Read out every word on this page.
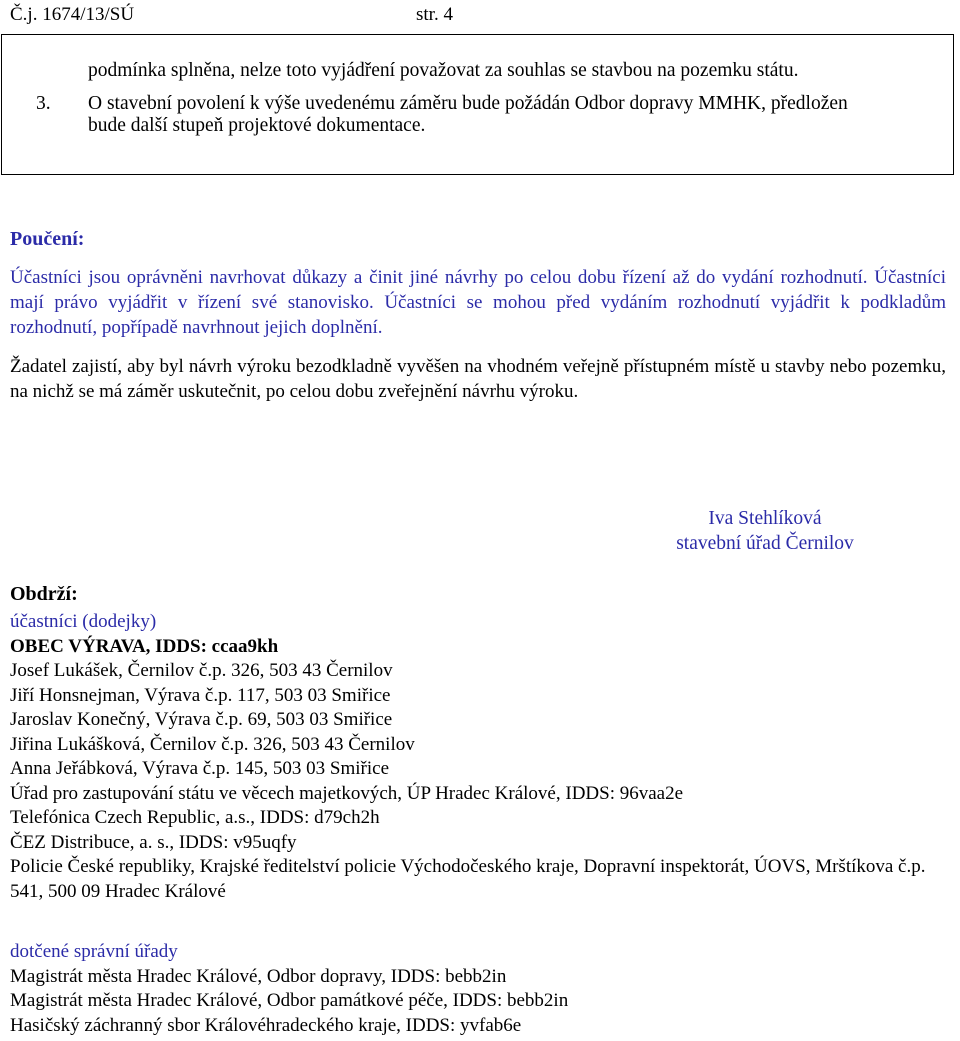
Č.j. 1674/13/SÚ	str. 4
podmínka splněna, nelze toto vyjádření považovat za souhlas se stavbou na pozemku státu.
3. O stavební povolení k výše uvedenému záměru bude požádán Odbor dopravy MMHK, předložen
bude další stupeň projektové dokumentace.
Poučení:
Účastníci jsou oprávněni navrhovat důkazy a činit jiné návrhy po celou dobu řízení až do vydání rozhodnutí. Účastníci mají právo vyjádřit v řízení své stanovisko. Účastníci se mohou před vydáním rozhodnutí vyjádřit k podkladům rozhodnutí, popřípadě navrhnout jejich doplnění.
Žadatel zajistí, aby byl návrh výroku bezodkladně vyvěšen na vhodném veřejně přístupném místě u stavby nebo pozemku, na nichž se má záměr uskutečnit, po celou dobu zveřejnění návrhu výroku.
Iva Stehlíková
stavební úřad Černilov
Obdrží:
účastníci (dodejky)
OBEC VÝRAVA, IDDS: ccaa9kh
Josef Lukášek, Černilov č.p. 326, 503 43 Černilov
Jiří Honsnejman, Výrava č.p. 117, 503 03 Smiřice
Jaroslav Konečný, Výrava č.p. 69, 503 03 Smiřice
Jiřina Lukášková, Černilov č.p. 326, 503 43 Černilov
Anna Jeřábková, Výrava č.p. 145, 503 03 Smiřice
Úřad pro zastupování státu ve věcech majetkových, ÚP Hradec Králové, IDDS: 96vaa2e
Telefónica Czech Republic, a.s., IDDS: d79ch2h
ČEZ Distribuce, a. s., IDDS: v95uqfy
Policie České republiky, Krajské ředitelství policie Východočeského kraje, Dopravní inspektorát, ÚOVS, Mrštíkova č.p. 541, 500 09 Hradec Králové
dotčené správní úřady
Magistrát města Hradec Králové, Odbor dopravy, IDDS: bebb2in
Magistrát města Hradec Králové, Odbor památkové péče, IDDS: bebb2in
Hasičský záchranný sbor Královéhradeckého kraje, IDDS: yvfab6e
